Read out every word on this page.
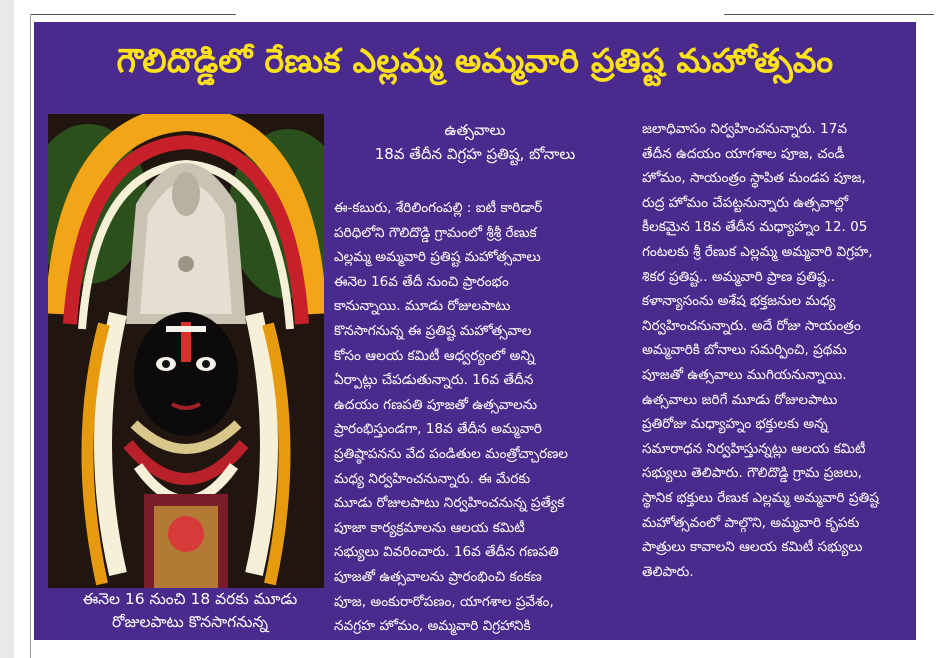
గౌలిదొడ్డిలో రేణుక ఎల్లమ్మ అమ్మవారి ప్రతిష్ట మహోత్సవం
ఈనెల 16 నుంచి 18 వరకు మూడు
రోజులపాటు కొనసాగనున్న
ఉత్సవాలు
18వ తేదీన విగ్రహ ప్రతిష్ట, బోనాలు
ఈ-కబురు, శేరిలింగంపల్లి : ఐటీ కారిడార్
పరిధిలోని గౌలిదొడ్డి గ్రామంలో శ్రీశ్రీ రేణుక
ఎల్లమ్మ అమ్మవారి ప్రతిష్ట మహోత్సవాలు
ఈనెల 16వ తేదీ నుంచి ప్రారంభం
కానున్నాయి. మూడు రోజులపాటు
కొనసాగనున్న ఈ ప్రతిష్ట మహోత్సవాల
కోసం ఆలయ కమిటీ ఆధ్వర్యంలో అన్ని
ఏర్పాట్లు చేపడుతున్నారు. 16వ తేదీన
ఉదయం గణపతి పూజతో ఉత్సవాలను
ప్రారంభిస్తుండగా, 18వ తేదీన అమ్మవారి
ప్రతిష్ఠాపనను వేద పండితుల మంత్రోచ్చారణల
మధ్య నిర్వహించనున్నారు. ఈ మేరకు
మూడు రోజులపాటు నిర్వహించనున్న ప్రత్యేక
పూజా కార్యక్రమాలను ఆలయ కమిటీ
సభ్యులు వివరించారు. 16వ తేదీన గణపతి
పూజతో ఉత్సవాలను ప్రారంభించి కంకణ
పూజ, అంకురారోపణం, యాగశాల ప్రవేశం,
నవగ్రహ హోమం, అమ్మవారి విగ్రహానికి
జలాధివాసం నిర్వహించనున్నారు. 17వ
తేదీన ఉదయం యాగశాల పూజ, చండీ
హోమం, సాయంత్రం స్థాపిత మండప పూజ,
రుద్ర హోమం చేపట్టనున్నారు ఉత్సవాల్లో
కీలకమైన 18వ తేదీన మధ్యాహ్నం 12. 05
గంటలకు శ్రీ రేణుక ఎల్లమ్మ అమ్మవారి విగ్రహ,
శికర ప్రతిష్ట.. అమ్మవారి ప్రాణ ప్రతిష్ట..
కళాన్యాసంను అశేష భక్తజనుల మధ్య
నిర్వహించనున్నారు. అదే రోజు సాయంత్రం
అమ్మవారికి బోనాలు సమర్పించి, ప్రథమ
పూజతో ఉత్సవాలు ముగియనున్నాయి.
ఉత్సవాలు జరిగే మూడు రోజులపాటు
ప్రతిరోజు మధ్యాహ్నం భక్తులకు అన్న
సమారాధన నిర్వహిస్తున్నట్లు ఆలయ కమిటీ
సభ్యులు తెలిపారు. గౌలిదొడ్డి గ్రామ ప్రజలు,
స్థానిక భక్తులు రేణుక ఎల్లమ్మ అమ్మవారి ప్రతిష్ట
మహోత్సవంలో పాల్గొని, అమ్మవారి కృపకు
పాత్రులు కావాలని ఆలయ కమిటీ సభ్యులు
తెలిపారు.
